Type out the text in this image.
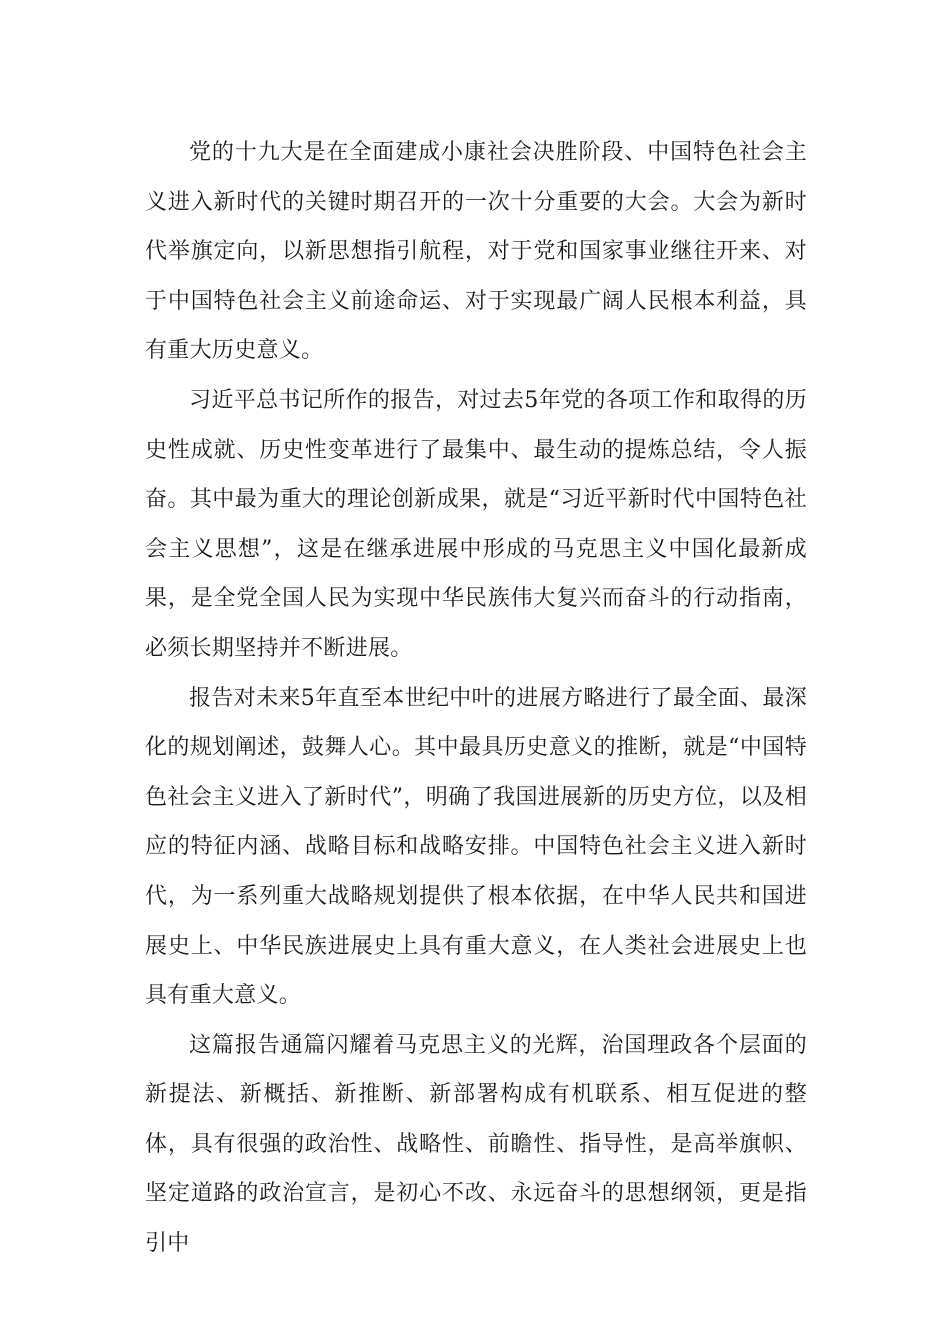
党的十九大是在全面建成小康社会决胜阶段、中国特色社会主义进入新时代的关键时期召开的一次十分重要的大会。大会为新时代举旗定向，以新思想指引航程，对于党和国家事业继往开来、对于中国特色社会主义前途命运、对于实现最广阔人民根本利益，具有重大历史意义。

习近平总书记所作的报告，对过去5年党的各项工作和取得的历史性成就、历史性变革进行了最集中、最生动的提炼总结，令人振奋。其中最为重大的理论创新成果，就是“习近平新时代中国特色社会主义思想”，这是在继承进展中形成的马克思主义中国化最新成果，是全党全国人民为实现中华民族伟大复兴而奋斗的行动指南，必须长期坚持并不断进展。

报告对未来5年直至本世纪中叶的进展方略进行了最全面、最深化的规划阐述，鼓舞人心。其中最具历史意义的推断，就是“中国特色社会主义进入了新时代”，明确了我国进展新的历史方位，以及相应的特征内涵、战略目标和战略安排。中国特色社会主义进入新时代，为一系列重大战略规划提供了根本依据，在中华人民共和国进展史上、中华民族进展史上具有重大意义，在人类社会进展史上也具有重大意义。

这篇报告通篇闪耀着马克思主义的光辉，治国理政各个层面的新提法、新概括、新推断、新部署构成有机联系、相互促进的整体，具有很强的政治性、战略性、前瞻性、指导性，是高举旗帜、坚定道路的政治宣言，是初心不改、永远奋斗的思想纲领，更是指引中
